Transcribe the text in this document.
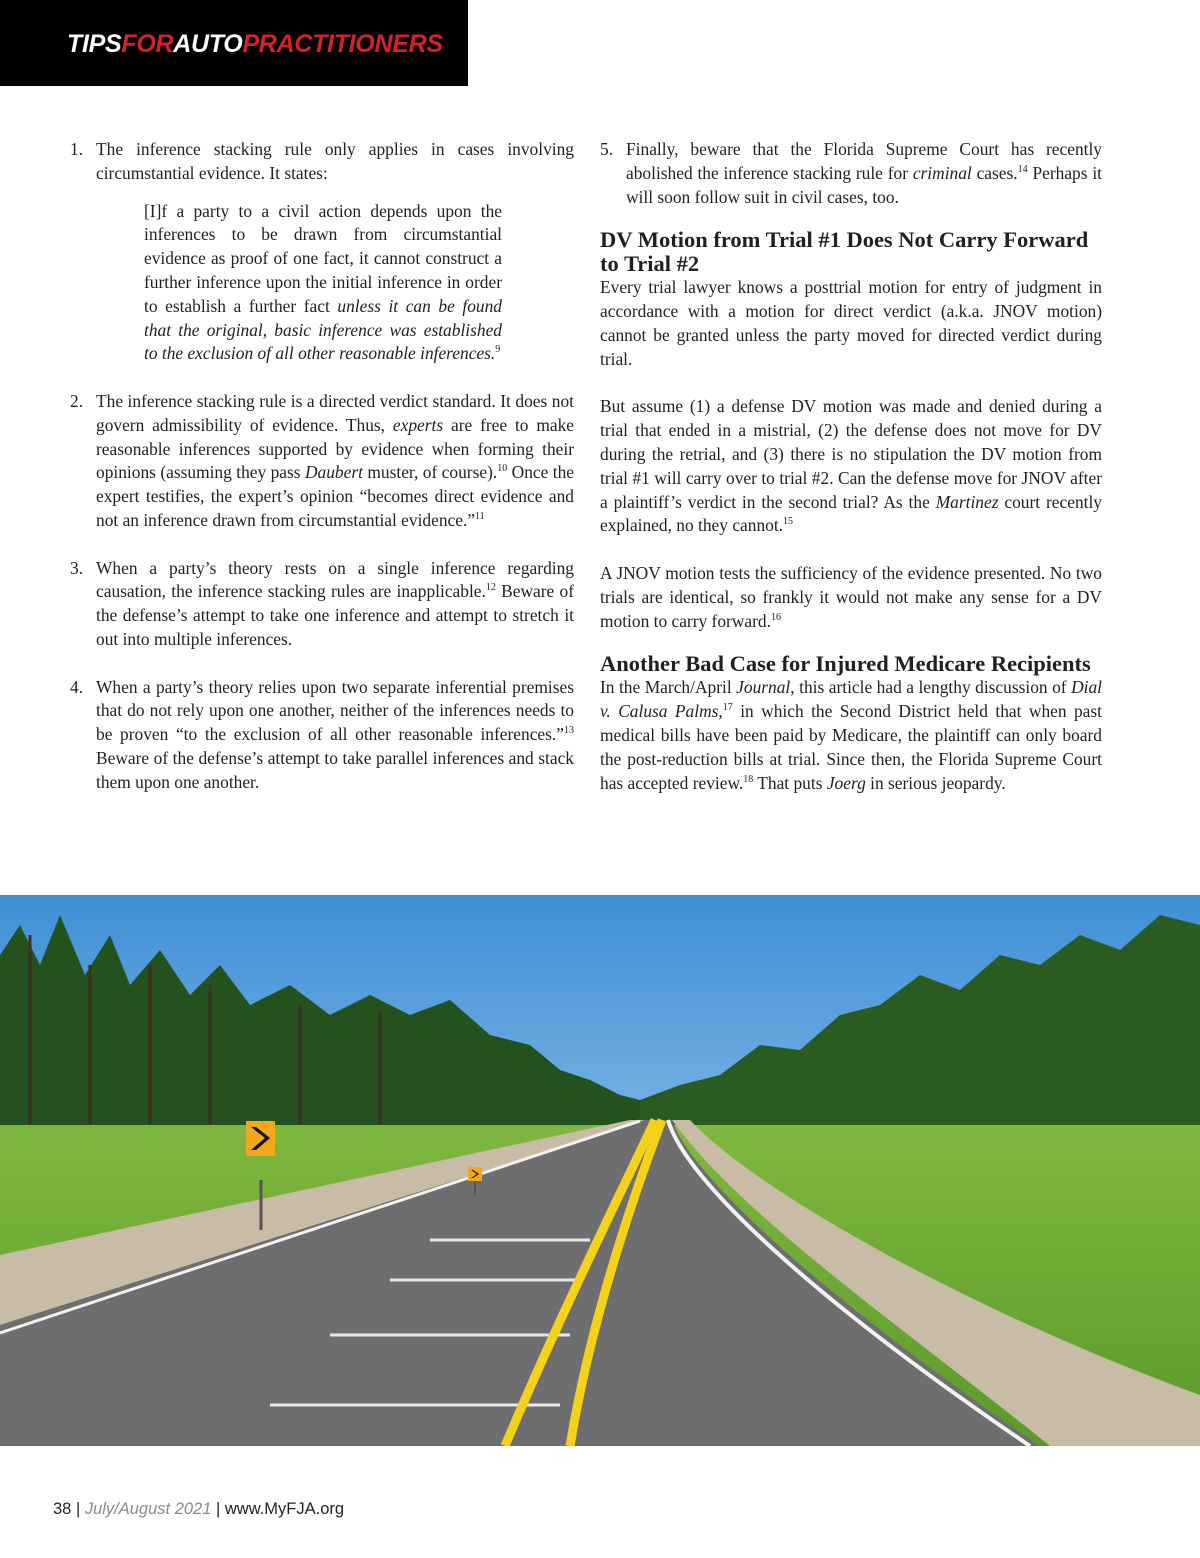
TIPSFORAUTOPRACTITIONERS

1. The inference stacking rule only applies in cases involving circumstantial evidence. It states:

[I]f a party to a civil action depends upon the inferences to be drawn from circumstantial evidence as proof of one fact, it cannot construct a further inference upon the initial inference in order to establish a further fact unless it can be found that the original, basic inference was established to the exclusion of all other reasonable inferences.$^9$

2. The inference stacking rule is a directed verdict standard. It does not govern admissibility of evidence. Thus, experts are free to make reasonable inferences supported by evidence when forming their opinions (assuming they pass Daubert muster, of course).$^{10}$ Once the expert testifies, the expert’s opinion “becomes direct evidence and not an inference drawn from circumstantial evidence.”$^{11}$

3. When a party’s theory rests on a single inference regarding causation, the inference stacking rules are inapplicable.$^{12}$ Beware of the defense’s attempt to take one inference and attempt to stretch it out into multiple inferences.

4. When a party’s theory relies upon two separate inferential premises that do not rely upon one another, neither of the inferences needs to be proven “to the exclusion of all other reasonable inferences.”$^{13}$ Beware of the defense’s attempt to take parallel inferences and stack them upon one another.

5. Finally, beware that the Florida Supreme Court has recently abolished the inference stacking rule for criminal cases.$^{14}$ Perhaps it will soon follow suit in civil cases, too.

DV Motion from Trial #1 Does Not Carry Forward to Trial #2

Every trial lawyer knows a posttrial motion for entry of judgment in accordance with a motion for direct verdict (a.k.a. JNOV motion) cannot be granted unless the party moved for directed verdict during trial.

But assume (1) a defense DV motion was made and denied during a trial that ended in a mistrial, (2) the defense does not move for DV during the retrial, and (3) there is no stipulation the DV motion from trial #1 will carry over to trial #2. Can the defense move for JNOV after a plaintiff’s verdict in the second trial? As the Martinez court recently explained, no they cannot.$^{15}$

A JNOV motion tests the sufficiency of the evidence presented. No two trials are identical, so frankly it would not make any sense for a DV motion to carry forward.$^{16}$

Another Bad Case for Injured Medicare Recipients

In the March/April Journal, this article had a lengthy discussion of Dial v. Calusa Palms,$^{17}$ in which the Second District held that when past medical bills have been paid by Medicare, the plaintiff can only board the post-reduction bills at trial. Since then, the Florida Supreme Court has accepted review.$^{18}$ That puts Joerg in serious jeopardy.

38 | July/August 2021 | www.MyFJA.org
